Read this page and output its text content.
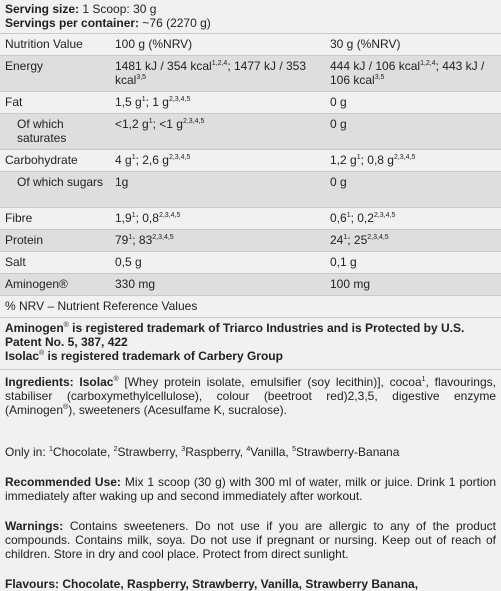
Serving size: 1 Scoop: 30 g
Servings per container: ~76 (2270 g)
Nutrition Value	100 g (%NRV)	30 g (%NRV)
Energy	1481 kJ / 354 kcal$^{1,2,4}$; 1477 kJ / 353 kcal$^{3,5}$	444 kJ / 106 kcal$^{1,2,4}$; 443 kJ / 106 kcal$^{3,5}$
Fat	1,5 $g^1$; 1 $g^{2,3,4,5}$	0 g
Of which saturates	<1,2 $g^1$; <1 $g^{2,3,4,5}$	0 g
Carbohydrate	4 $g^1$; 2,6 $g^{2,3,4,5}$	1,2 $g^1$; 0,8 $g^{2,3,4,5}$
Of which sugars	1g	0 g
Fibre	$1,9^1$; 0,8$^{2,3,4,5}$	$0,6^1$; 0,2$^{2,3,4,5}$
Protein	$79^1$; 83$^{2,3,4,5}$	$24^1$; 25$^{2,3,4,5}$
Salt	0,5 g	0,1 g
Aminogen®	330 mg	100 mg
% NRV – Nutrient Reference Values
Aminogen® is registered trademark of Triarco Industries and is Protected by U.S. Patent No. 5, 387, 422
Isolac® is registered trademark of Carbery Group
Ingredients: Isolac® [Whey protein isolate, emulsifier (soy lecithin)], cocoa$^1$, flavourings, stabiliser (carboxymethylcellulose), colour (beetroot red)2,3,5, digestive enzyme (Aminogen®), sweeteners (Acesulfame K, sucralose).
Only in: $^1$Chocolate, $^2$Strawberry, $^3$Raspberry, $^4$Vanilla, $^5$Strawberry-Banana
Recommended Use: Mix 1 scoop (30 g) with 300 ml of water, milk or juice. Drink 1 portion immediately after waking up and second immediately after workout.
Warnings: Contains sweeteners. Do not use if you are allergic to any of the product compounds. Contains milk, soya. Do not use if pregnant or nursing. Keep out of reach of children. Store in dry and cool place. Protect from direct sunlight.
Flavours: Chocolate, Raspberry, Strawberry, Vanilla, Strawberry Banana,
